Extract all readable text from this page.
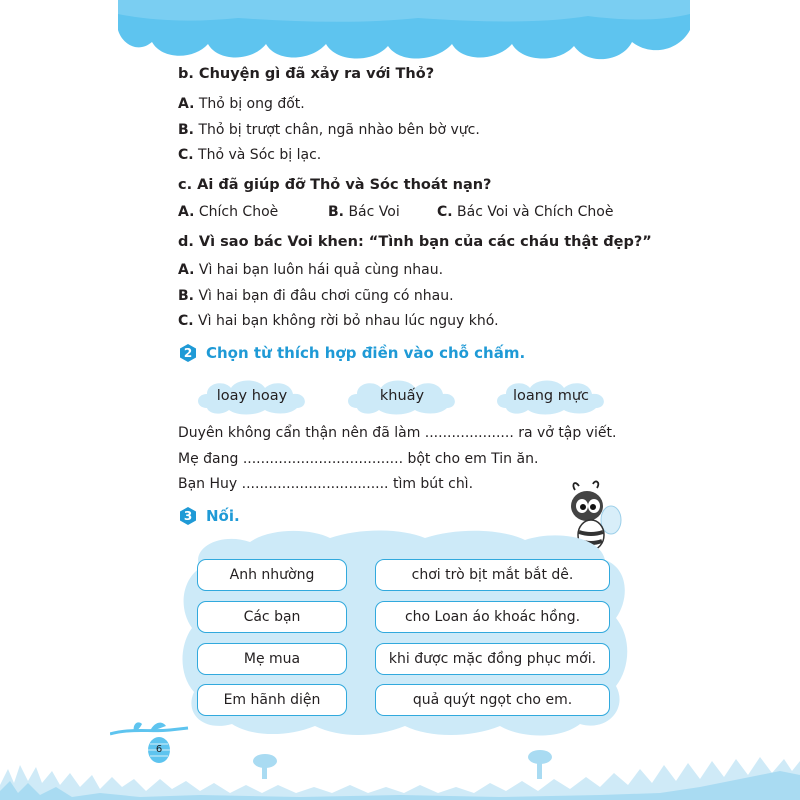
b. Chuyện gì đã xảy ra với Thỏ?
A. Thỏ bị ong đốt.
B. Thỏ bị trượt chân, ngã nhào bên bờ vực.
C. Thỏ và Sóc bị lạc.
c. Ai đã giúp đỡ Thỏ và Sóc thoát nạn?
A. Chích Choè	B. Bác Voi	C. Bác Voi và Chích Choè
d. Vì sao bác Voi khen: “Tình bạn của các cháu thật đẹp?”
A. Vì hai bạn luôn hái quả cùng nhau.
B. Vì hai bạn đi đâu chơi cũng có nhau.
C. Vì hai bạn không rời bỏ nhau lúc nguy khó.
2 Chọn từ thích hợp điền vào chỗ chấm.
loay hoay	khuấy	loang mực
Duyên không cẩn thận nên đã làm .................... ra vở tập viết.
Mẹ đang .................................... bột cho em Tin ăn.
Bạn Huy ................................. tìm bút chì.
3 Nối.
Anh nhường
Các bạn
Mẹ mua
Em hãnh diện
chơi trò bịt mắt bắt dê.
cho Loan áo khoác hồng.
khi được mặc đồng phục mới.
quả quýt ngọt cho em.
6
